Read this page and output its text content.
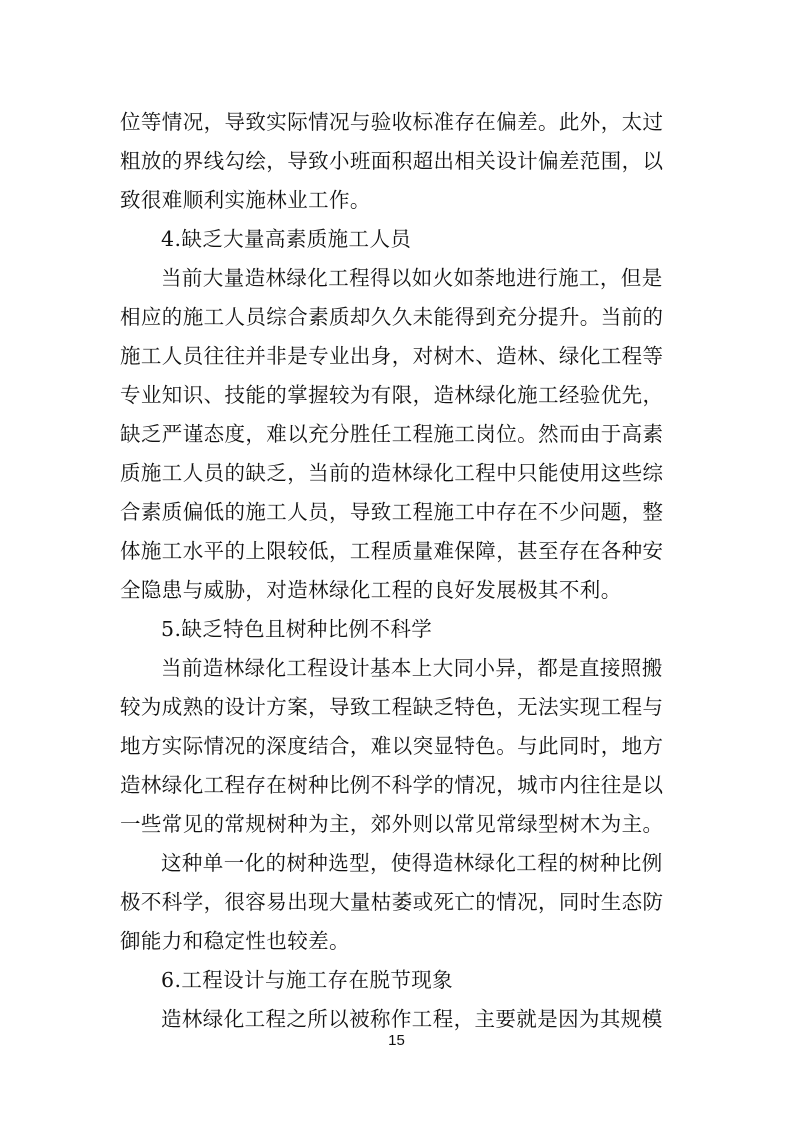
位等情况，导致实际情况与验收标准存在偏差。此外，太过
粗放的界线勾绘，导致小班面积超出相关设计偏差范围，以
致很难顺利实施林业工作。
4.缺乏大量高素质施工人员
当前大量造林绿化工程得以如火如荼地进行施工，但是
相应的施工人员综合素质却久久未能得到充分提升。当前的
施工人员往往并非是专业出身，对树木、造林、绿化工程等
专业知识、技能的掌握较为有限，造林绿化施工经验优先，
缺乏严谨态度，难以充分胜任工程施工岗位。然而由于高素
质施工人员的缺乏，当前的造林绿化工程中只能使用这些综
合素质偏低的施工人员，导致工程施工中存在不少问题，整
体施工水平的上限较低，工程质量难保障，甚至存在各种安
全隐患与威胁，对造林绿化工程的良好发展极其不利。
5.缺乏特色且树种比例不科学
当前造林绿化工程设计基本上大同小异，都是直接照搬
较为成熟的设计方案，导致工程缺乏特色，无法实现工程与
地方实际情况的深度结合，难以突显特色。与此同时，地方
造林绿化工程存在树种比例不科学的情况，城市内往往是以
一些常见的常规树种为主，郊外则以常见常绿型树木为主。
这种单一化的树种选型，使得造林绿化工程的树种比例
极不科学，很容易出现大量枯萎或死亡的情况，同时生态防
御能力和稳定性也较差。
6.工程设计与施工存在脱节现象
造林绿化工程之所以被称作工程，主要就是因为其规模
15
